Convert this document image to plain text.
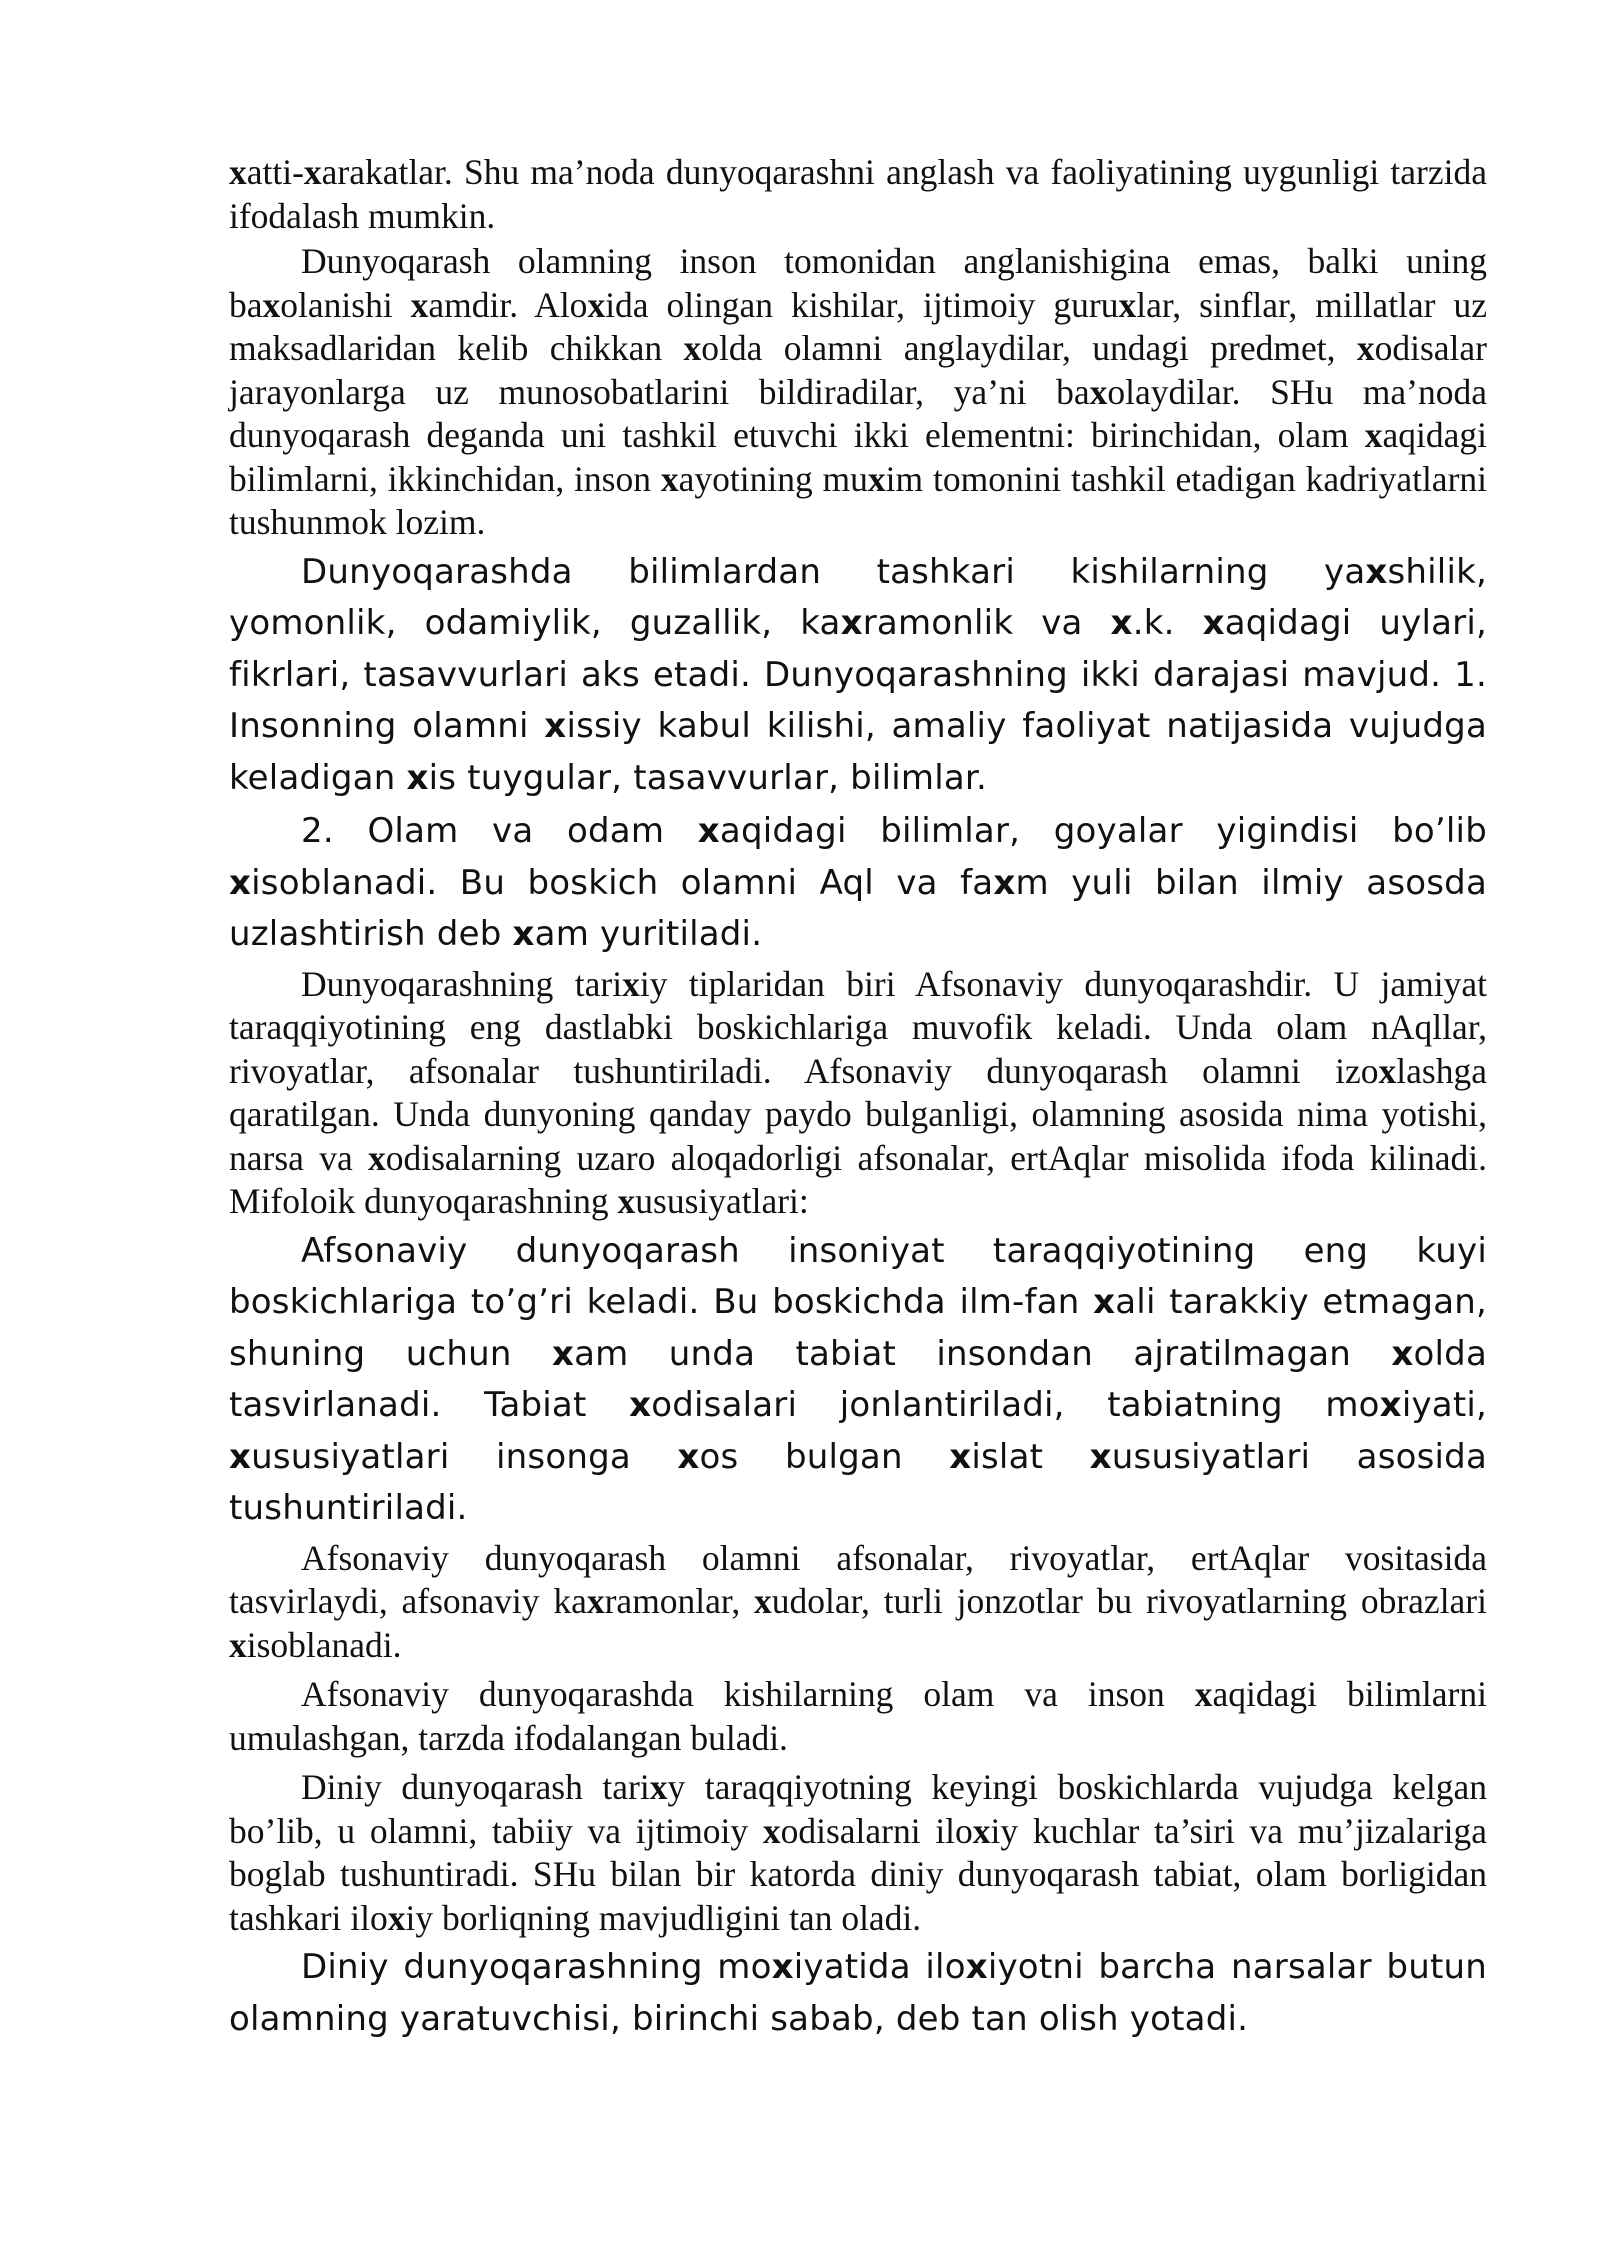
xatti-xarakatlar. Shu ma’noda dunyoqarashni anglash va faoliyatining uygunligi tarzida ifodalash mumkin.

Dunyoqarash olamning inson tomonidan anglanishigina emas, balki uning baxolanishi xamdir. Aloxida olingan kishilar, ijtimoiy guruxlar, sinflar, millatlar uz maksadlaridan kelib chikkan xolda olamni anglaydilar, undagi predmet, xodisalar jarayonlarga uz munosobatlarini bildiradilar, ya’ni baxolaydilar. SHu ma’noda dunyoqarash deganda uni tashkil etuvchi ikki elementni: birinchidan, olam xaqidagi bilimlarni, ikkinchidan, inson xayotining muxim tomonini tashkil etadigan kadriyatlarni tushunmok lozim.

Dunyoqarashda bilimlardan tashkari kishilarning yaxshilik, yomonlik, odamiylik, guzallik, kaxramonlik va x.k. xaqidagi uylari, fikrlari, tasavvurlari aks etadi. Dunyoqarashning ikki darajasi mavjud. 1. Insonning olamni xissiy kabul kilishi, amaliy faoliyat natijasida vujudga keladigan xis tuygular, tasavvurlar, bilimlar.

2. Olam va odam xaqidagi bilimlar, goyalar yigindisi bo’lib xisoblanadi. Bu boskich olamni Aql va faxm yuli bilan ilmiy asosda uzlashtirish deb xam yuritiladi.

Dunyoqarashning tarixiy tiplaridan biri Afsonaviy dunyoqarashdir. U jamiyat taraqqiyotining eng dastlabki boskichlariga muvofik keladi. Unda olam nAqllar, rivoyatlar, afsonalar tushuntiriladi. Afsonaviy dunyoqarash olamni izoxlashga qaratilgan. Unda dunyoning qanday paydo bulganligi, olamning asosida nima yotishi, narsa va xodisalarning uzaro aloqadorligi afsonalar, ertAqlar misolida ifoda kilinadi. Mifoloik dunyoqarashning xususiyatlari:

Afsonaviy dunyoqarash insoniyat taraqqiyotining eng kuyi boskichlariga to’g’ri keladi. Bu boskichda ilm-fan xali tarakkiy etmagan, shuning uchun xam unda tabiat insondan ajratilmagan xolda tasvirlanadi. Tabiat xodisalari jonlantiriladi, tabiatning moxiyati, xususiyatlari insonga xos bulgan xislat xususiyatlari asosida tushuntiriladi.

Afsonaviy dunyoqarash olamni afsonalar, rivoyatlar, ertAqlar vositasida tasvirlaydi, afsonaviy kaxramonlar, xudolar, turli jonzotlar bu rivoyatlarning obrazlari xisoblanadi.

Afsonaviy dunyoqarashda kishilarning olam va inson xaqidagi bilimlarni umulashgan, tarzda ifodalangan buladi.

Diniy dunyoqarash tarixy taraqqiyotning keyingi boskichlarda vujudga kelgan bo’lib, u olamni, tabiiy va ijtimoiy xodisalarni iloxiy kuchlar ta’siri va mu’jizalariga boglab tushuntiradi. SHu bilan bir katorda diniy dunyoqarash tabiat, olam borligidan tashkari iloxiy borliqning mavjudligini tan oladi.

Diniy dunyoqarashning moxiyatida iloxiyotni barcha narsalar butun olamning yaratuvchisi, birinchi sabab, deb tan olish yotadi.
